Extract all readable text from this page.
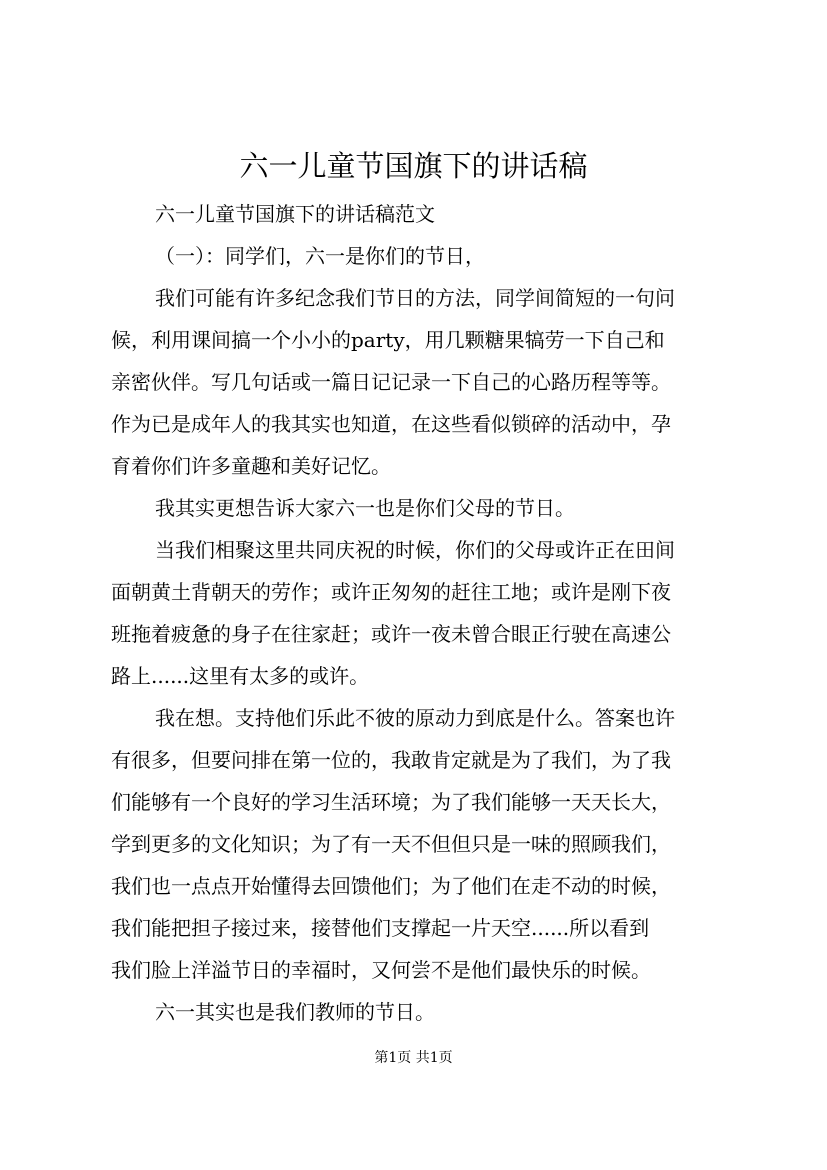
六一儿童节国旗下的讲话稿
六一儿童节国旗下的讲话稿范文
（一）：同学们，六一是你们的节日，
我们可能有许多纪念我们节日的方法，同学间简短的一句问
候，利用课间搞一个小小的party，用几颗糖果犒劳一下自己和
亲密伙伴。写几句话或一篇日记记录一下自己的心路历程等等。
作为已是成年人的我其实也知道，在这些看似锁碎的活动中，孕
育着你们许多童趣和美好记忆。
我其实更想告诉大家六一也是你们父母的节日。
当我们相聚这里共同庆祝的时候，你们的父母或许正在田间
面朝黄土背朝天的劳作；或许正匆匆的赶往工地；或许是刚下夜
班拖着疲惫的身子在往家赶；或许一夜未曾合眼正行驶在高速公
路上......这里有太多的或许。
我在想。支持他们乐此不彼的原动力到底是什么。答案也许
有很多，但要问排在第一位的，我敢肯定就是为了我们，为了我
们能够有一个良好的学习生活环境；为了我们能够一天天长大，
学到更多的文化知识；为了有一天不但但只是一味的照顾我们，
我们也一点点开始懂得去回馈他们；为了他们在走不动的时候，
我们能把担子接过来，接替他们支撑起一片天空......所以看到
我们脸上洋溢节日的幸福时，又何尝不是他们最快乐的时候。
六一其实也是我们教师的节日。
第1页 共1页
